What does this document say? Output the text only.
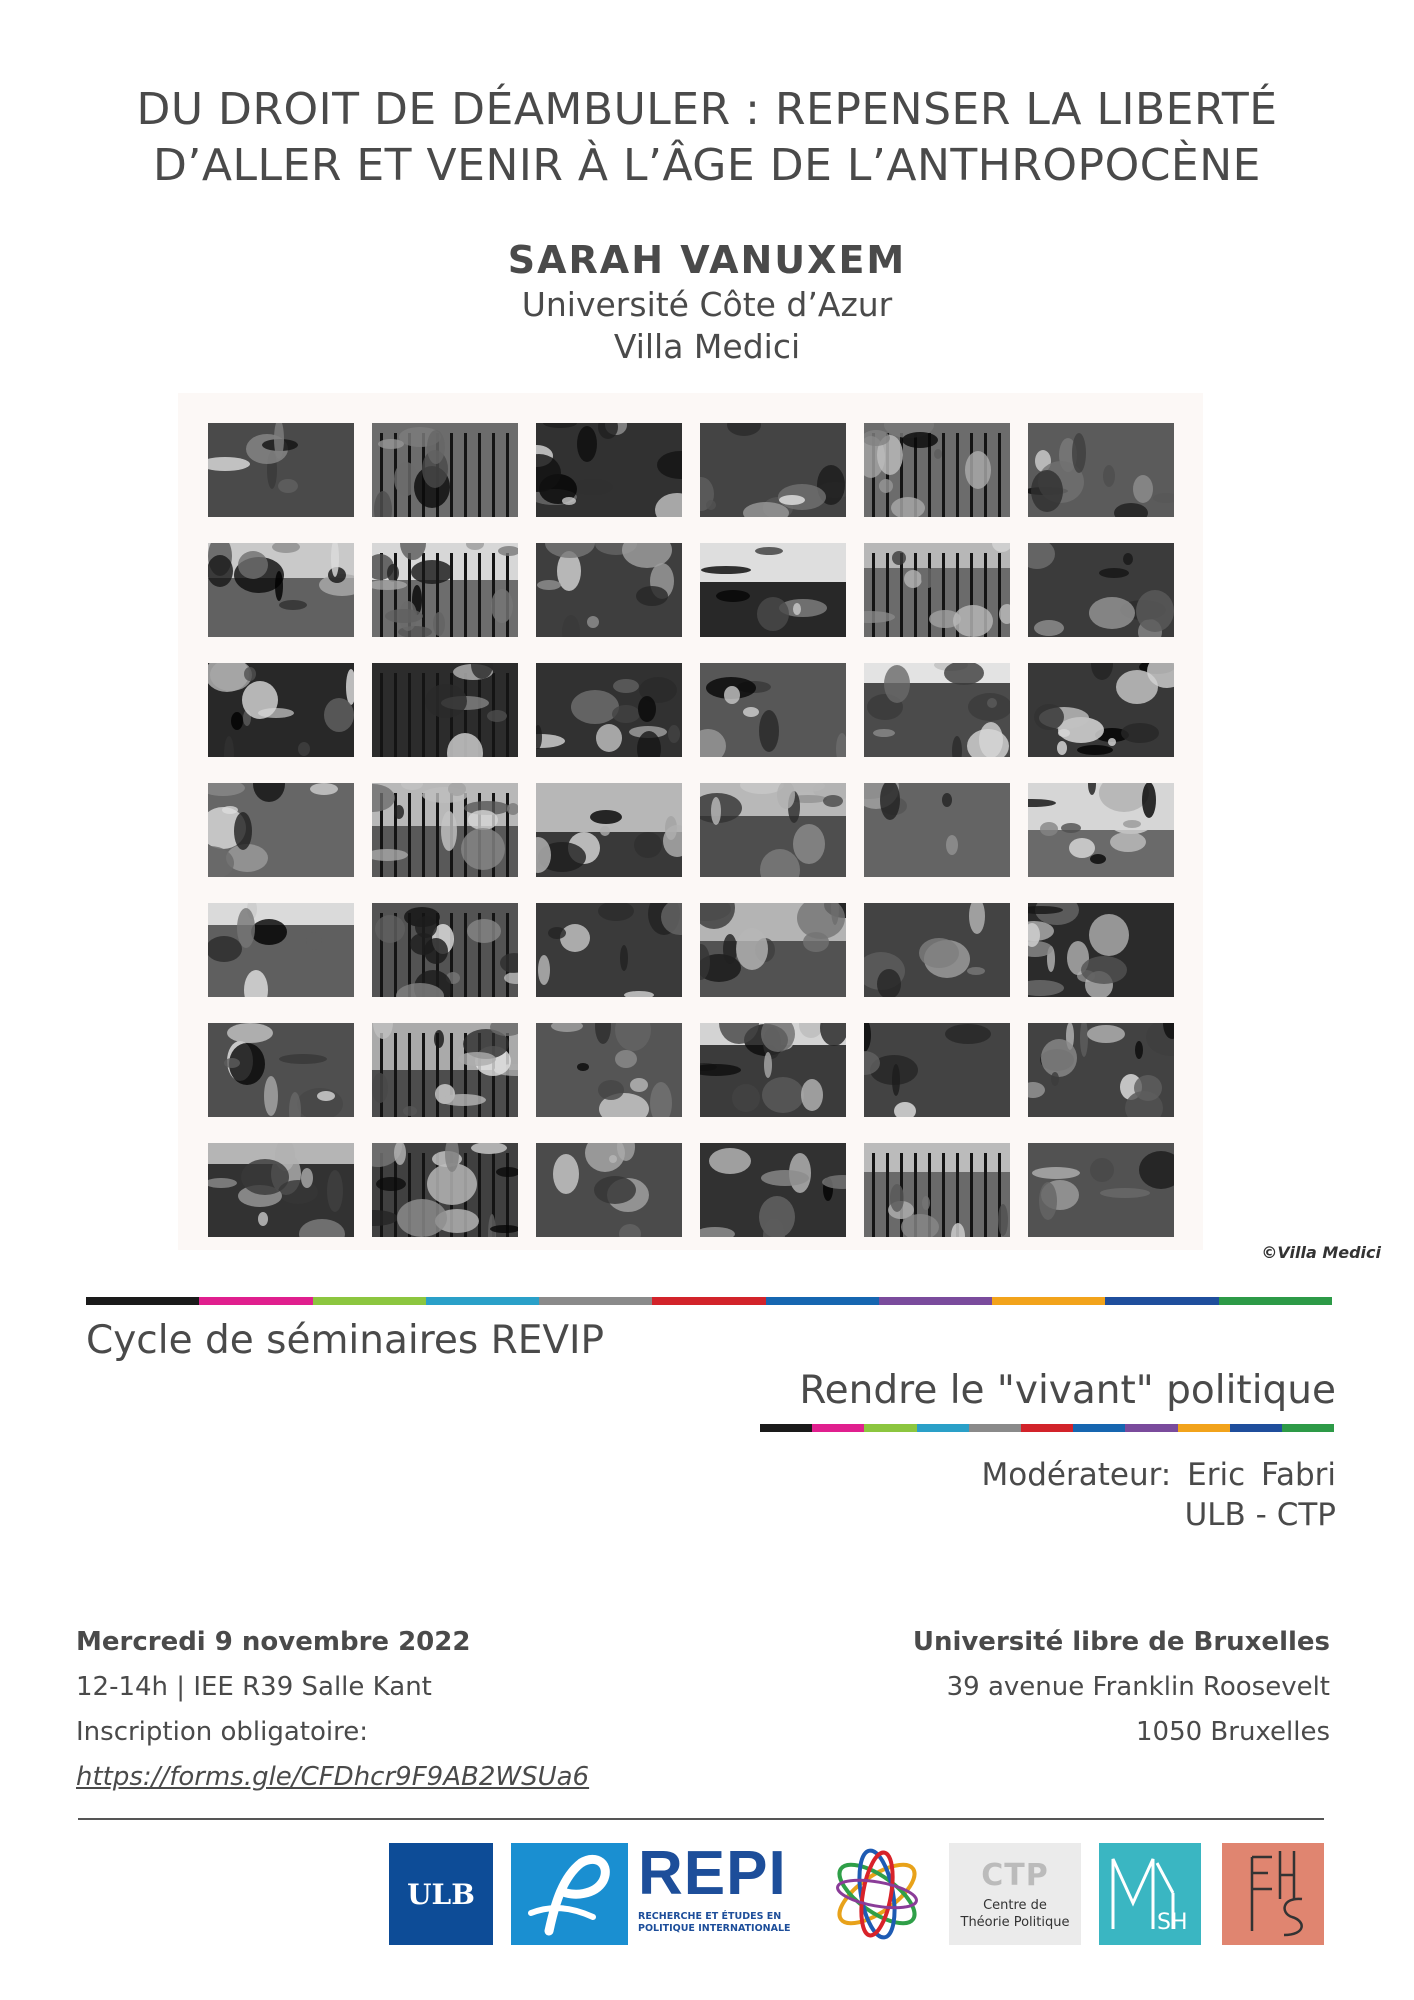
DU DROIT DE DÉAMBULER : REPENSER LA LIBERTÉ
D’ALLER ET VENIR À L’ÂGE DE L’ANTHROPOCÈNE
SARAH VANUXEM
Université Côte d’Azur
Villa Medici
©Villa Medici
Cycle de séminaires REVIP
Rendre le "vivant" politique
Modérateur: Eric Fabri
ULB - CTP
Mercredi 9 novembre 2022
12-14h | IEE R39 Salle Kant
Inscription obligatoire:
https://forms.gle/CFDhcr9F9AB2WSUa6
Université libre de Bruxelles
39 avenue Franklin Roosevelt
1050 Bruxelles
ULB	REPI
RECHERCHE ET ÉTUDES EN
POLITIQUE INTERNATIONALE
CTP
Centre de
Théorie Politique	SH
